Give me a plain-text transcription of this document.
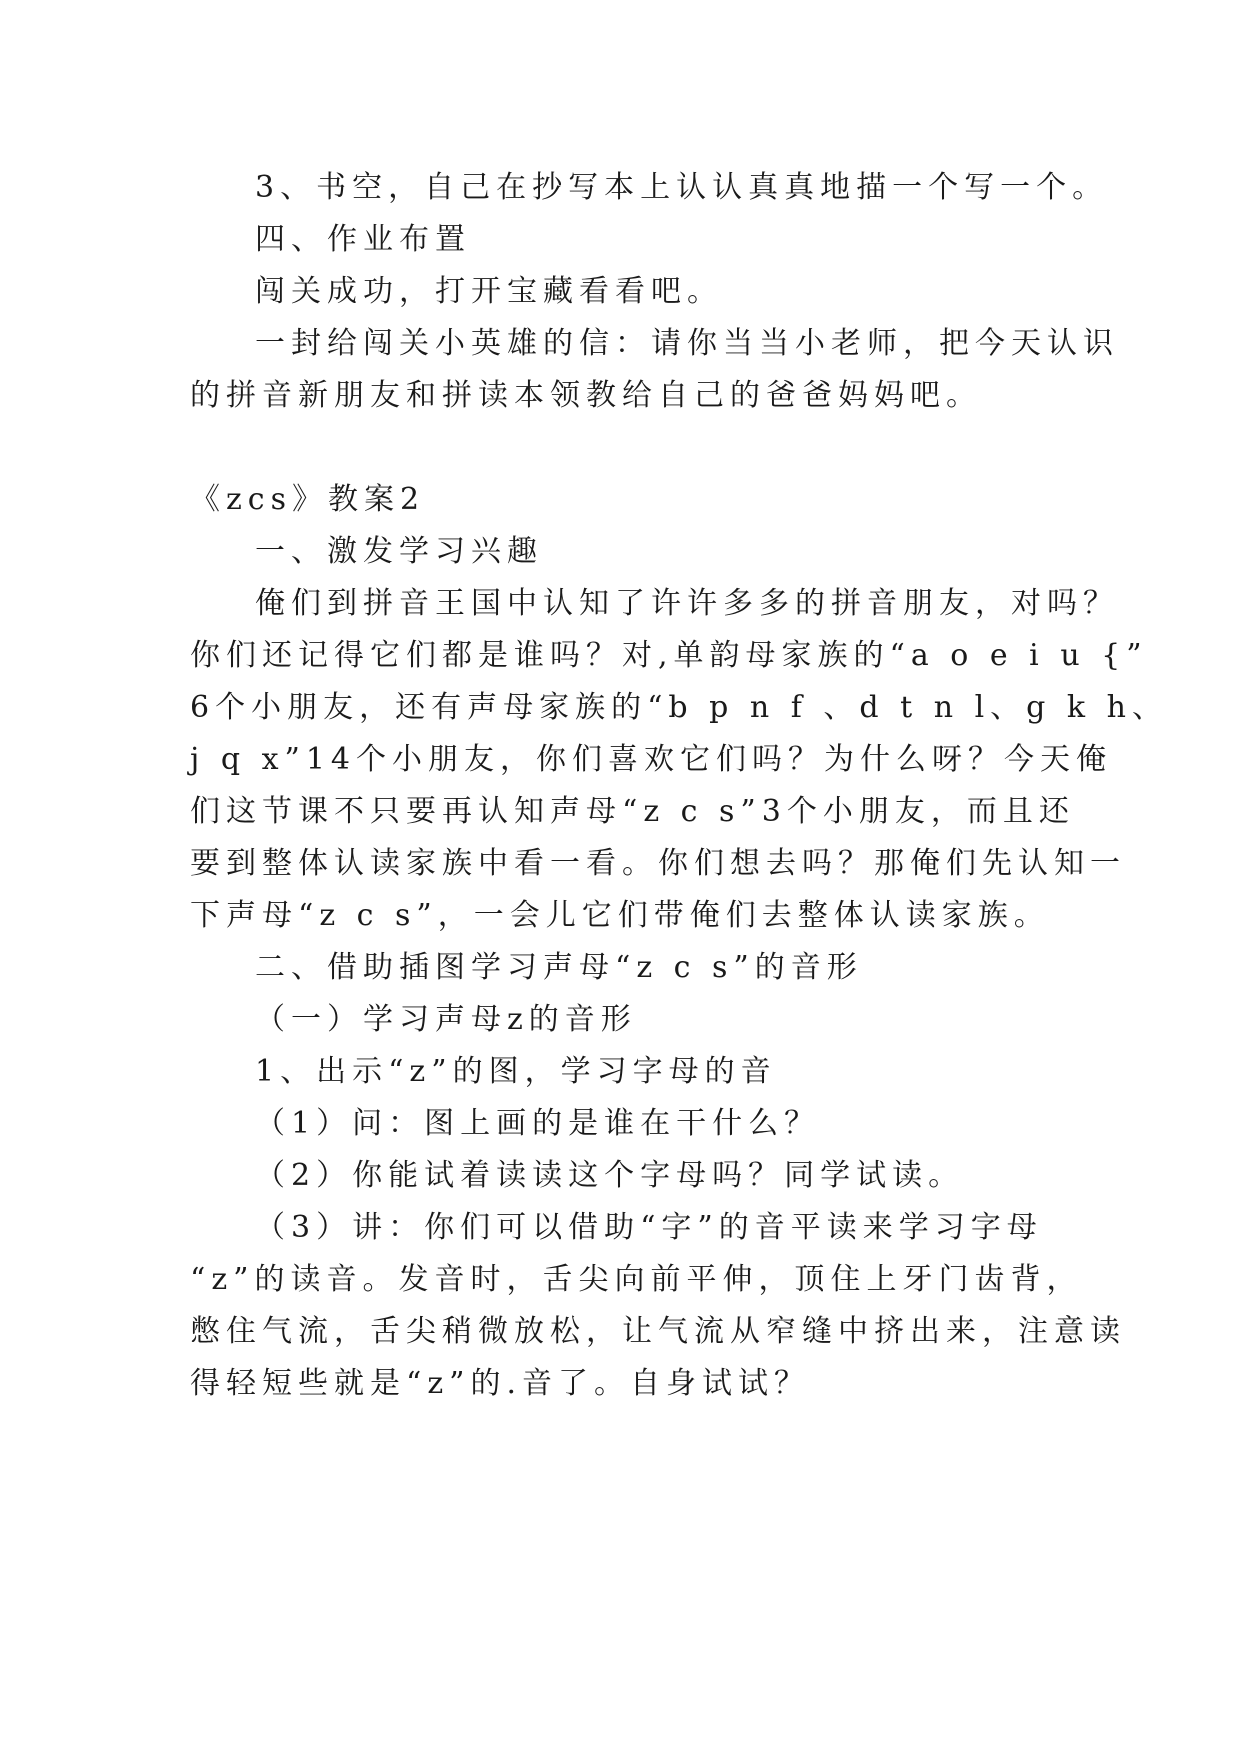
3、书空，自己在抄写本上认认真真地描一个写一个。
四、作业布置
闯关成功，打开宝藏看看吧。
一封给闯关小英雄的信：请你当当小老师，把今天认识
的拼音新朋友和拼读本领教给自己的爸爸妈妈吧。
《zcs》教案2
一、激发学习兴趣
俺们到拼音王国中认知了许许多多的拼音朋友，对吗？
你们还记得它们都是谁吗？对,单韵母家族的“a o e i u {”
6个小朋友，还有声母家族的“b p n f 、d t n l、g k h、
j q x”14个小朋友，你们喜欢它们吗？为什么呀？今天俺
们这节课不只要再认知声母“z c s”3个小朋友，而且还
要到整体认读家族中看一看。你们想去吗？那俺们先认知一
下声母“z c s”，一会儿它们带俺们去整体认读家族。
二、借助插图学习声母“z c s”的音形
（一）学习声母z的音形
1、出示“z”的图，学习字母的音
（1）问：图上画的是谁在干什么？
（2）你能试着读读这个字母吗？同学试读。
（3）讲：你们可以借助“字”的音平读来学习字母
“z”的读音。发音时，舌尖向前平伸，顶住上牙门齿背，
憋住气流，舌尖稍微放松，让气流从窄缝中挤出来，注意读
得轻短些就是“z”的.音了。自身试试？
